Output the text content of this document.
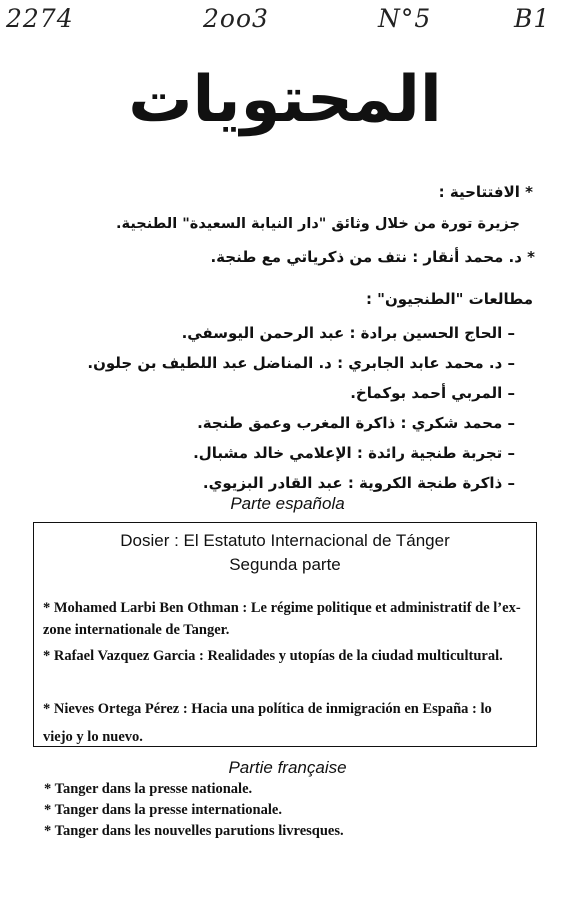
2274	2oo3	N°5	B1
المحتويات
* الافتتاحية :
جزيرة تورة من خلال وثائق "دار النيابة السعيدة" الطنجية.
* د. محمد أنقار : نتف من ذكرياتي مع طنجة.
مطالعات "الطنجيون" :
– الحاج الحسين برادة : عبد الرحمن اليوسفي.
– د. محمد عابد الجابري : د. المناضل عبد اللطيف بن جلون.
– المربي أحمد بوكماخ.
– محمد شكري : ذاكرة المغرب وعمق طنجة.
– تجربة طنجية رائدة : الإعلامي خالد مشبال.
– ذاكرة طنجة الكروية : عبد القادر البزيوي.
Parte española
Dosier : El Estatuto Internacional de Tánger
Segunda parte
* Mohamed Larbi Ben Othman : Le régime politique et administratif de l’ex-zone internationale de Tanger.
* Rafael Vazquez Garcia : Realidades y utopías de la ciudad multicultural.
* Nieves Ortega Pérez : Hacia una política de inmigración en España : lo viejo y lo nuevo.
Partie française
* Tanger dans la presse nationale.
* Tanger dans la presse internationale.
* Tanger dans les nouvelles parutions livresques.
